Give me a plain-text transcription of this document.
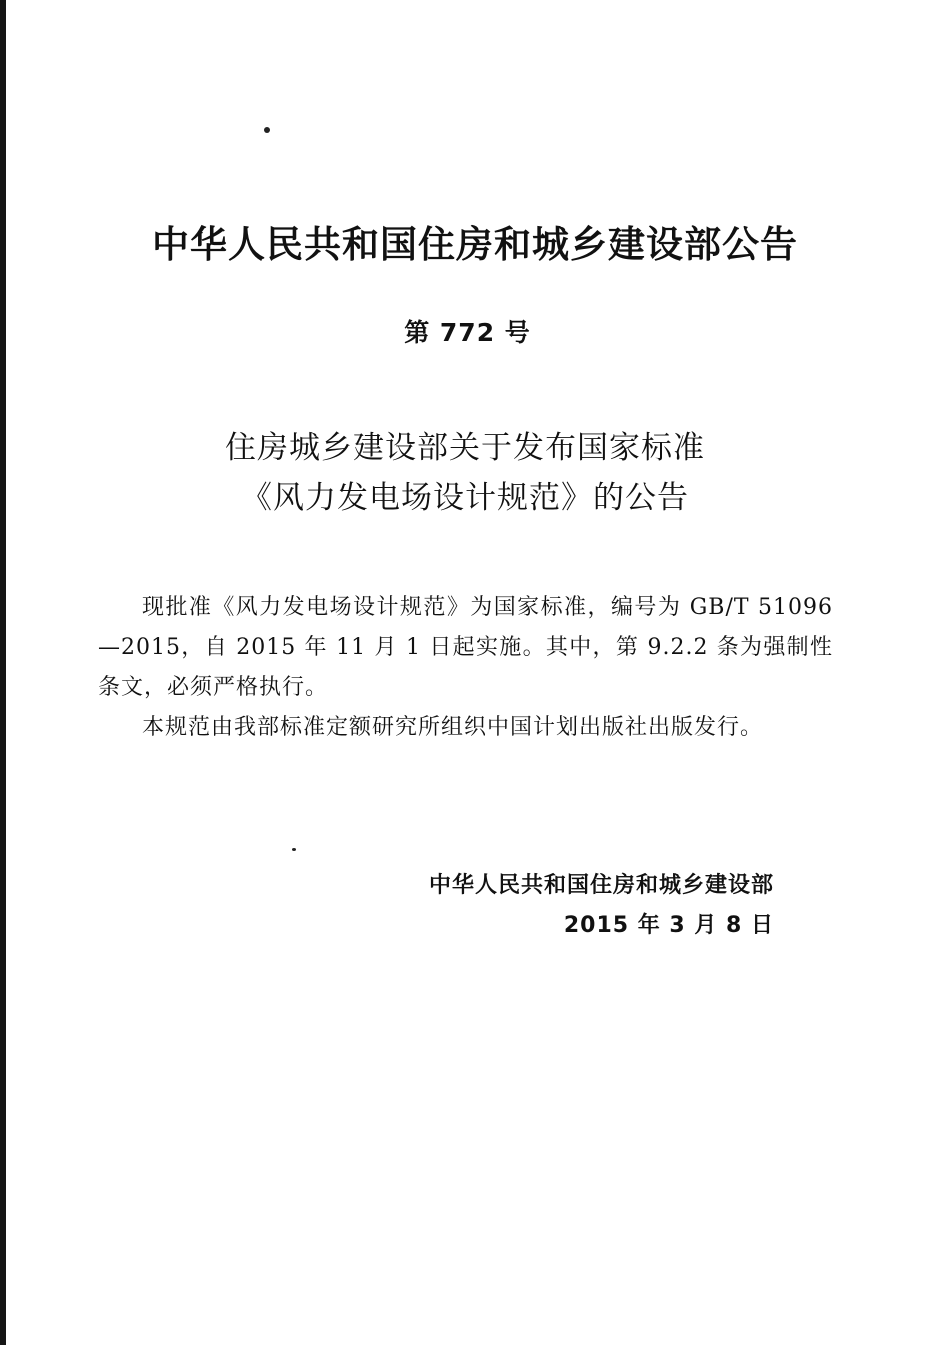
中华人民共和国住房和城乡建设部公告
第 772 号
住房城乡建设部关于发布国家标准
《风力发电场设计规范》的公告

现批准《风力发电场设计规范》为国家标准，编号为 GB/T 51096—2015，自 2015 年 11 月 1 日起实施。其中，第 9.2.2 条为强制性条文，必须严格执行。

本规范由我部标准定额研究所组织中国计划出版社出版发行。

中华人民共和国住房和城乡建设部
2015 年 3 月 8 日
